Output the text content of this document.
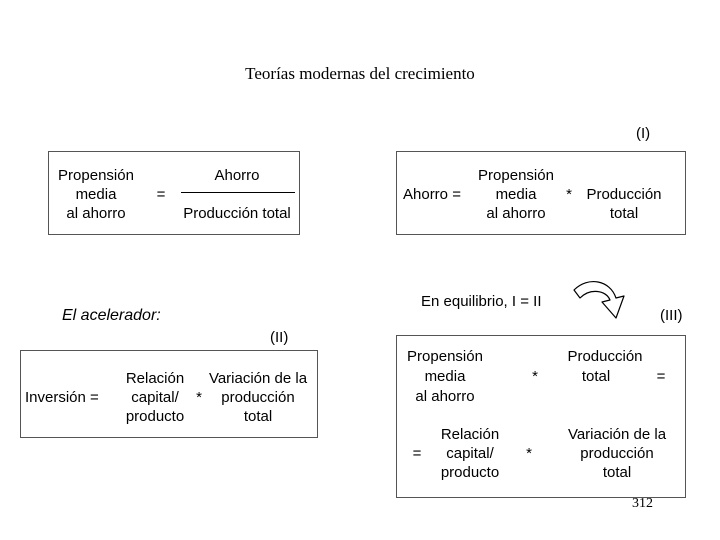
Teorías modernas del crecimiento
(I)
Propensión
media
al ahorro
=
Ahorro
Producción total
Ahorro =
Propensión
media
al ahorro
* Producción
total
En equilibrio, I = II
(III)
El acelerador:
(II)
Inversión =
Relación
capital/
producto
*
Variación de la
producción
total
Propensión
media
al ahorro
*
Producción
total	=
=
Relación
capital/
producto
*
Variación de la
producción
total
312
